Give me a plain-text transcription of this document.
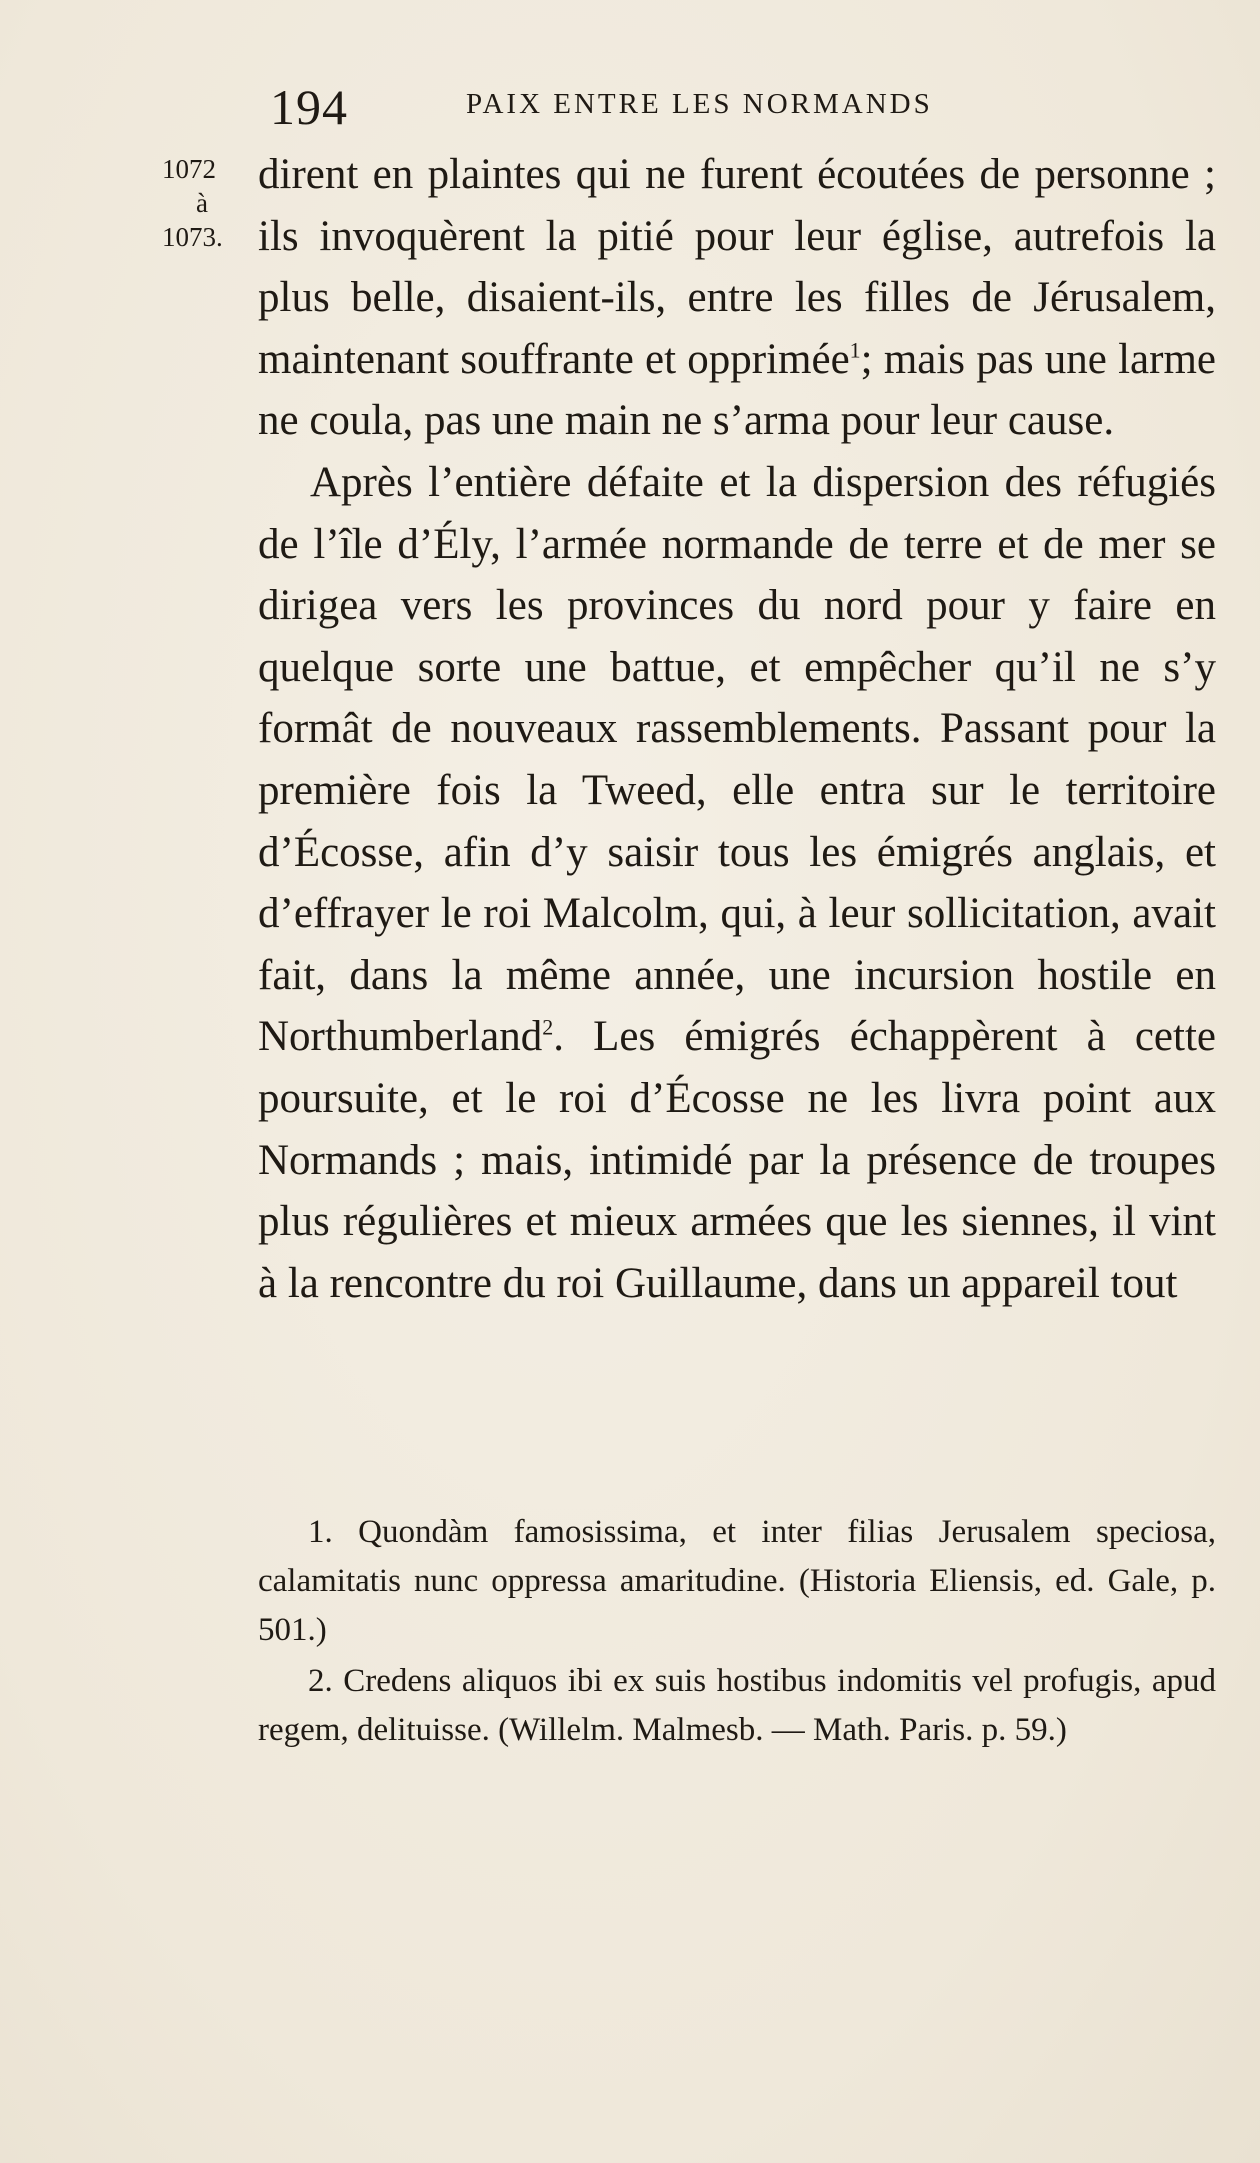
194	PAIX ENTRE LES NORMANDS
1072
à
1073.

dirent en plaintes qui ne furent écoutées de personne ; ils invoquèrent la pitié pour leur église, autrefois la plus belle, disaient-ils, entre les filles de Jérusalem, maintenant souffrante et opprimée$^1$; mais pas une larme ne coula, pas une main ne s’arma pour leur cause.

Après l’entière défaite et la dispersion des réfugiés de l’île d’Ély, l’armée normande de terre et de mer se dirigea vers les provinces du nord pour y faire en quelque sorte une battue, et empêcher qu’il ne s’y formât de nouveaux rassemblements. Passant pour la première fois la Tweed, elle entra sur le territoire d’Écosse, afin d’y saisir tous les émigrés anglais, et d’effrayer le roi Malcolm, qui, à leur sollicitation, avait fait, dans la même année, une incursion hostile en Northumberland$^2$. Les émigrés échappèrent à cette poursuite, et le roi d’Écosse ne les livra point aux Normands ; mais, intimidé par la présence de troupes plus régulières et mieux armées que les siennes, il vint à la rencontre du roi Guillaume, dans un appareil tout

1. Quondàm famosissima, et inter filias Jerusalem speciosa, calamitatis nunc oppressa amaritudine. (Historia Eliensis, ed. Gale, p. 501.)

2. Credens aliquos ibi ex suis hostibus indomitis vel profugis, apud regem, delituisse. (Willelm. Malmesb. — Math. Paris. p. 59.)
